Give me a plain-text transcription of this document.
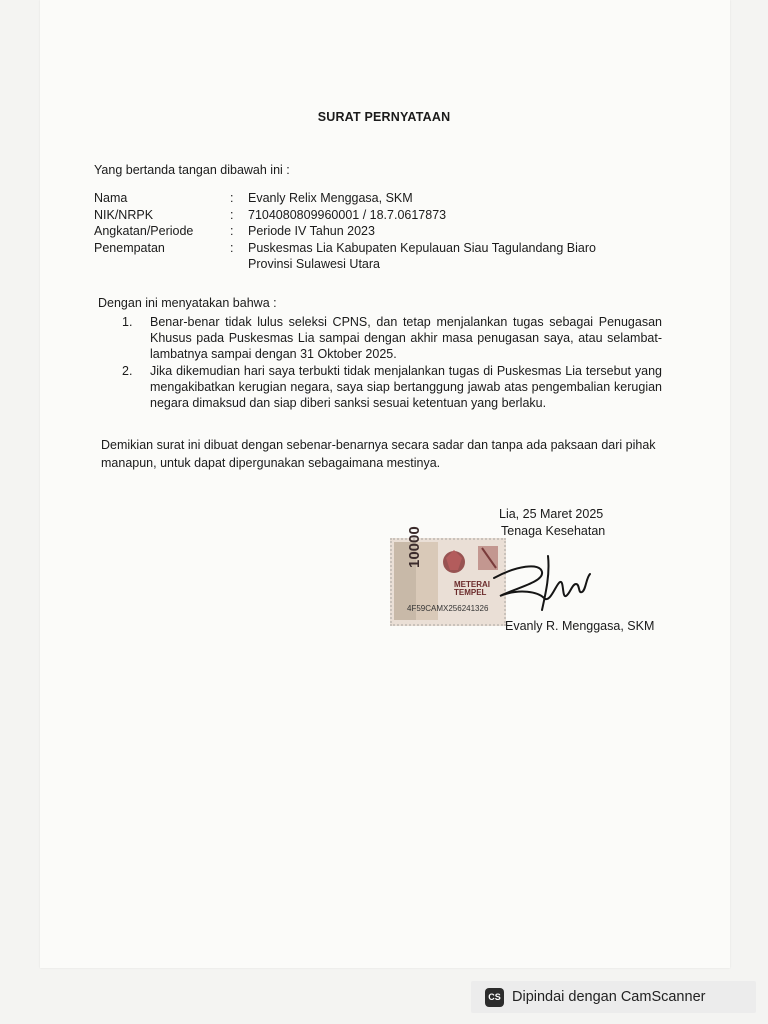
SURAT PERNYATAAN
Yang bertanda tangan dibawah ini :
Nama	:	Evanly Relix Menggasa, SKM
NIK/NRPK	:	7104080809960001 / 18.7.0617873
Angkatan/Periode	:	Periode IV Tahun 2023
Penempatan	:	Puskesmas Lia Kabupaten Kepulauan Siau Tagulandang Biaro Provinsi Sulawesi Utara
Dengan ini menyatakan bahwa :
1.	Benar-benar tidak lulus seleksi CPNS, dan tetap menjalankan tugas sebagai Penugasan Khusus pada Puskesmas Lia sampai dengan akhir masa penugasan saya, atau selambat-lambatnya sampai dengan 31 Oktober 2025.
2.	Jika dikemudian hari saya terbukti tidak menjalankan tugas di Puskesmas Lia tersebut yang mengakibatkan kerugian negara, saya siap bertanggung jawab atas pengembalian kerugian negara dimaksud dan siap diberi sanksi sesuai ketentuan yang berlaku.
Demikian surat ini dibuat dengan sebenar-benarnya secara sadar dan tanpa ada paksaan dari pihak manapun, untuk dapat dipergunakan sebagaimana mestinya.
Lia, 25 Maret 2025
Tenaga Kesehatan
10000
METERAI TEMPEL
4F59CAMX256241326
Evanly R. Menggasa, SKM
CS Dipindai dengan CamScanner
